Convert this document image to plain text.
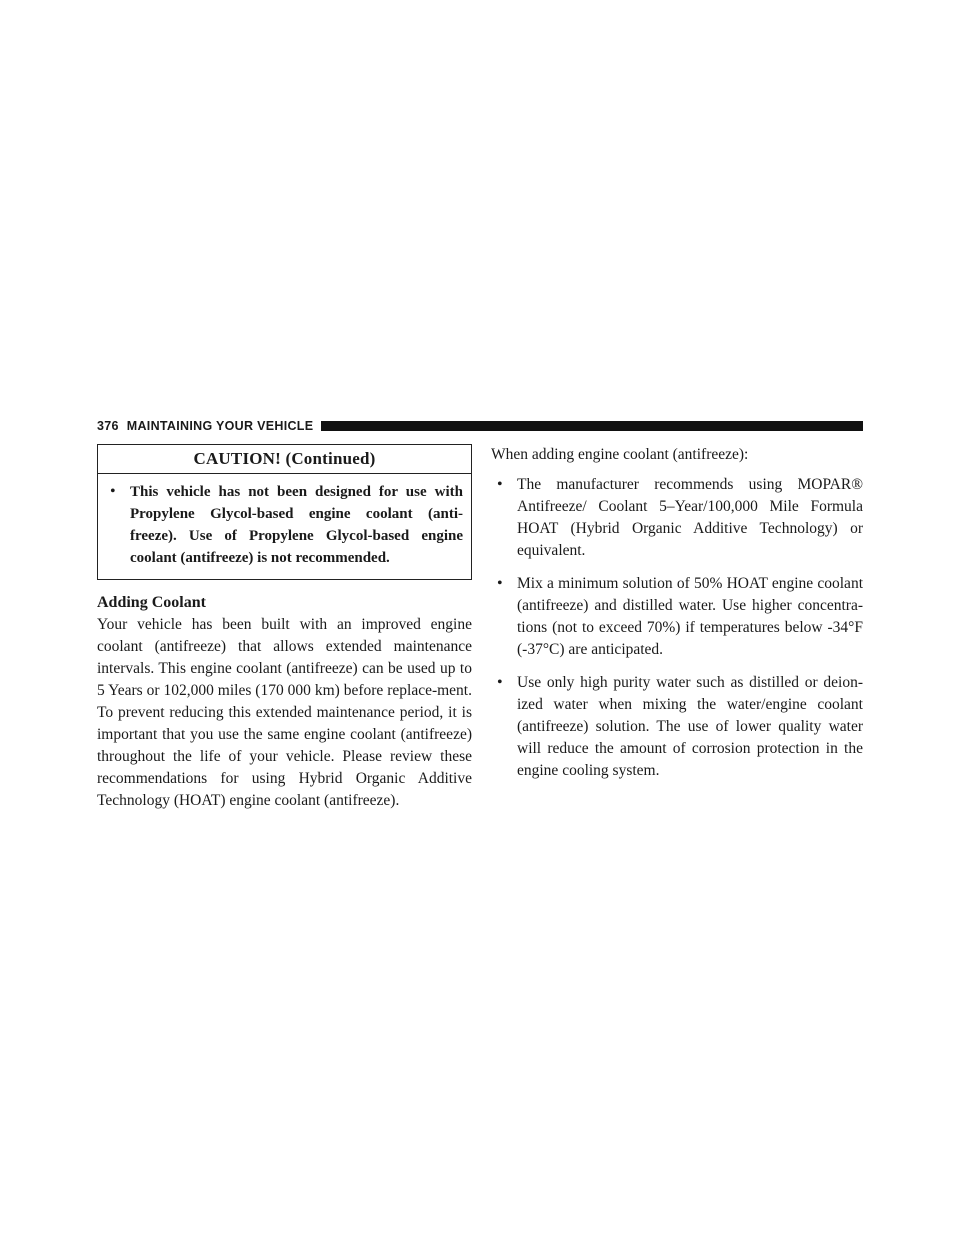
376 MAINTAINING YOUR VEHICLE
CAUTION! (Continued)
• This vehicle has not been designed for use with Propylene Glycol-based engine coolant (anti-freeze). Use of Propylene Glycol-based engine coolant (antifreeze) is not recommended.
Adding Coolant

Your vehicle has been built with an improved engine coolant (antifreeze) that allows extended maintenance intervals. This engine coolant (antifreeze) can be used up to 5 Years or 102,000 miles (170 000 km) before replace-ment. To prevent reducing this extended maintenance period, it is important that you use the same engine coolant (antifreeze) throughout the life of your vehicle. Please review these recommendations for using Hybrid Organic Additive Technology (HOAT) engine coolant (antifreeze).

When adding engine coolant (antifreeze):

• The manufacturer recommends using MOPAR® Antifreeze/ Coolant 5–Year/100,000 Mile Formula HOAT (Hybrid Organic Additive Technology) or equivalent.
• Mix a minimum solution of 50% HOAT engine coolant (antifreeze) and distilled water. Use higher concentra-tions (not to exceed 70%) if temperatures below -34°F (-37°C) are anticipated.
• Use only high purity water such as distilled or deion-ized water when mixing the water/engine coolant (antifreeze) solution. The use of lower quality water will reduce the amount of corrosion protection in the engine cooling system.
